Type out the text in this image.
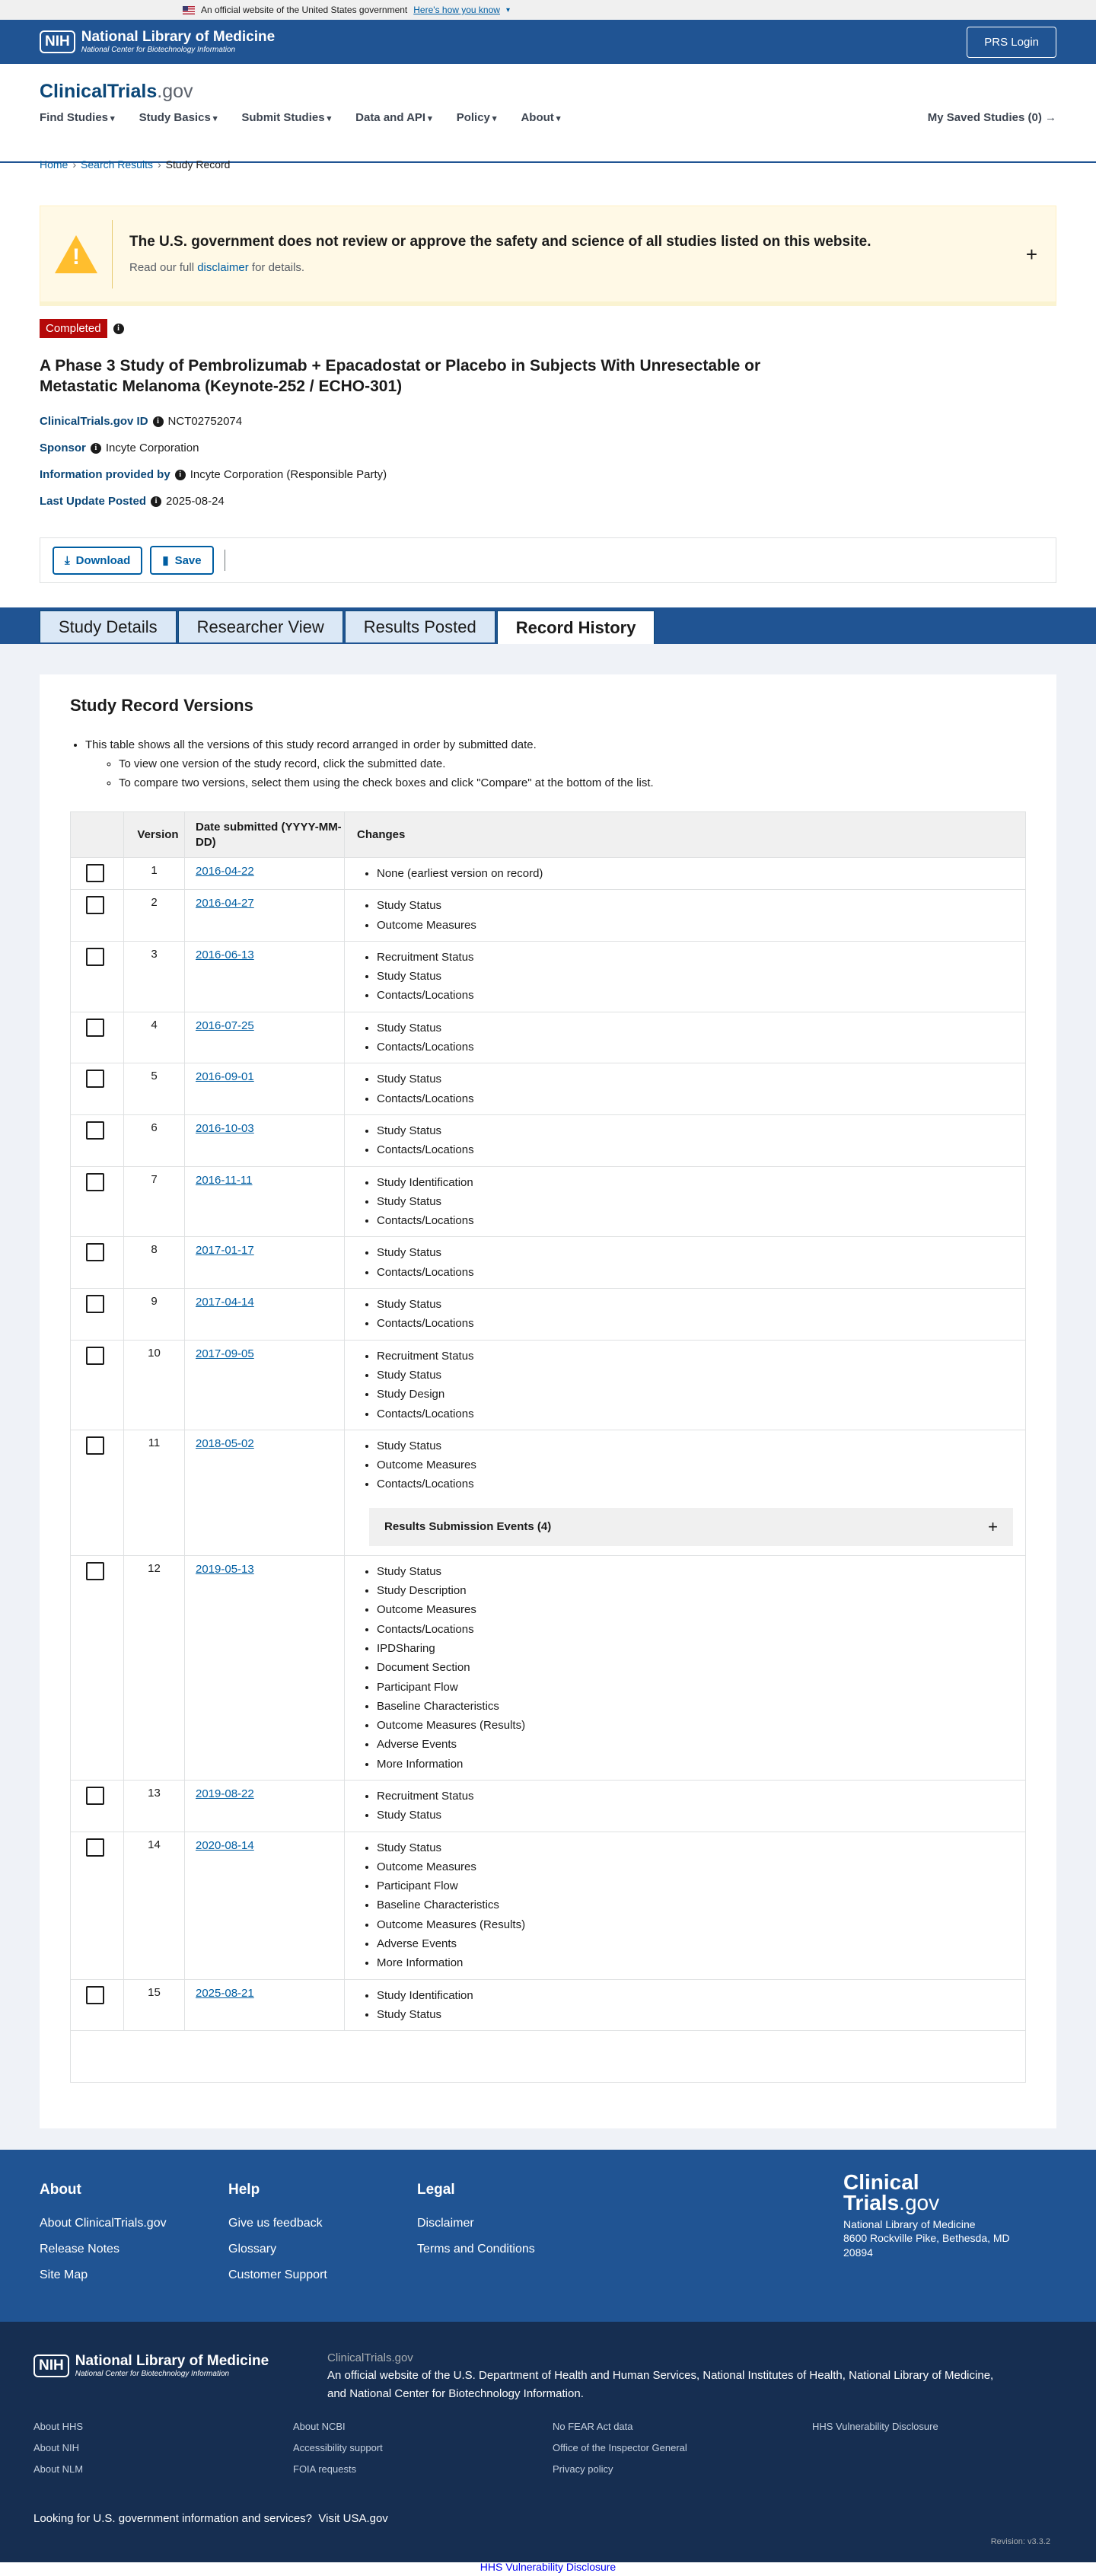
An official website of the United States government Here's how you know ▾
NIH National Library of Medicine
National Center for Biotechnology Information
PRS Login
ClinicalTrials.gov
Find Studies ▾	Study Basics ▾	Submit Studies ▾	Data and API ▾	Policy ▾	About ▾	My Saved Studies (0) →
Home › Search Results › Study Record
!
The U.S. government does not review or approve the safety and science of all studies listed on this website.
Read our full disclaimer for details.
+
Completed	i
A Phase 3 Study of Pembrolizumab + Epacadostat or Placebo in Subjects With Unresectable or Metastatic Melanoma (Keynote-252 / ECHO-301)
ClinicalTrials.gov ID	i NCT02752074
Sponsor	i Incyte Corporation
Information provided by	i Incyte Corporation (Responsible Party)
Last Update Posted	i 2025-08-24
⤓ Download	▮ Save
Study Details	Researcher View	Results Posted	Record History
Study Record Versions
• This table shows all the versions of this study record arranged in order by submitted date.
◦ To view one version of the study record, click the submitted date.
◦ To compare two versions, select them using the check boxes and click "Compare" at the bottom of the list.
Version
Date submitted (YYYY-MM-DD)
Changes
1	2016-04-22	• None (earliest version on record)
2	2016-04-27	• Study Status
• Outcome Measures
3	2016-06-13	• Recruitment Status
• Study Status
• Contacts/Locations
4	2016-07-25	• Study Status
• Contacts/Locations
5	2016-09-01	• Study Status
• Contacts/Locations
6	2016-10-03	• Study Status
• Contacts/Locations
7	2016-11-11	• Study Identification
• Study Status
• Contacts/Locations
8	2017-01-17	• Study Status
• Contacts/Locations
9	2017-04-14	• Study Status
• Contacts/Locations
10	2017-09-05	• Recruitment Status
• Study Status
• Study Design
• Contacts/Locations
11	2018-05-02	• Study Status
• Outcome Measures
• Contacts/Locations
Results Submission Events (4)	+
12	2019-05-13	• Study Status
• Study Description
• Outcome Measures
• Contacts/Locations
• IPDSharing
• Document Section
• Participant Flow
• Baseline Characteristics
• Outcome Measures (Results)
• Adverse Events
• More Information
13	2019-08-22	• Recruitment Status
• Study Status
14	2020-08-14	• Study Status
• Outcome Measures
• Participant Flow
• Baseline Characteristics
• Outcome Measures (Results)
• Adverse Events
• More Information
15	2025-08-21	• Study Identification
• Study Status
About
About ClinicalTrials.gov
Release Notes
Site Map
Help
Give us feedback
Glossary
Customer Support
Legal
Disclaimer
Terms and Conditions
Clinical
Trials.gov
National Library of Medicine
8600 Rockville Pike, Bethesda, MD
20894
NIH National Library of Medicine
National Center for Biotechnology Information
ClinicalTrials.gov
An official website of the U.S. Department of Health and Human Services, National Institutes of Health, National Library of Medicine,
and National Center for Biotechnology Information.
About HHS	About NCBI	No FEAR Act data	HHS Vulnerability Disclosure
About NIH	Accessibility support	Office of the Inspector General
About NLM	FOIA requests	Privacy policy
Looking for U.S. government information and services? Visit USA.gov
Revision: v3.3.2
HHS Vulnerability Disclosure
